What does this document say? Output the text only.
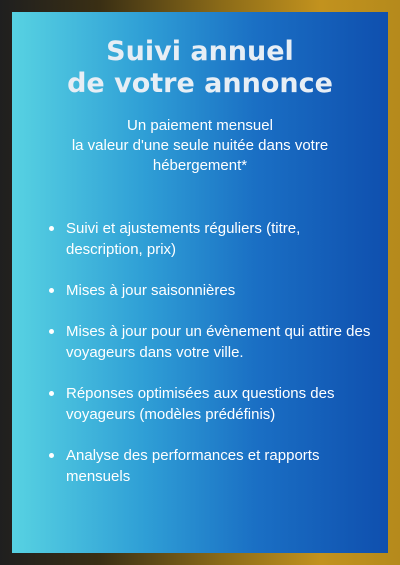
Suivi annuel
de votre annonce

Un paiement mensuel
la valeur d'une seule nuitée dans votre
hébergement*

Suivi et ajustements réguliers (titre, description, prix)
Mises à jour saisonnières
Mises à jour pour un évènement qui attire des voyageurs dans votre ville.
Réponses optimisées aux questions des voyageurs (modèles prédéfinis)
Analyse des performances et rapports mensuels
